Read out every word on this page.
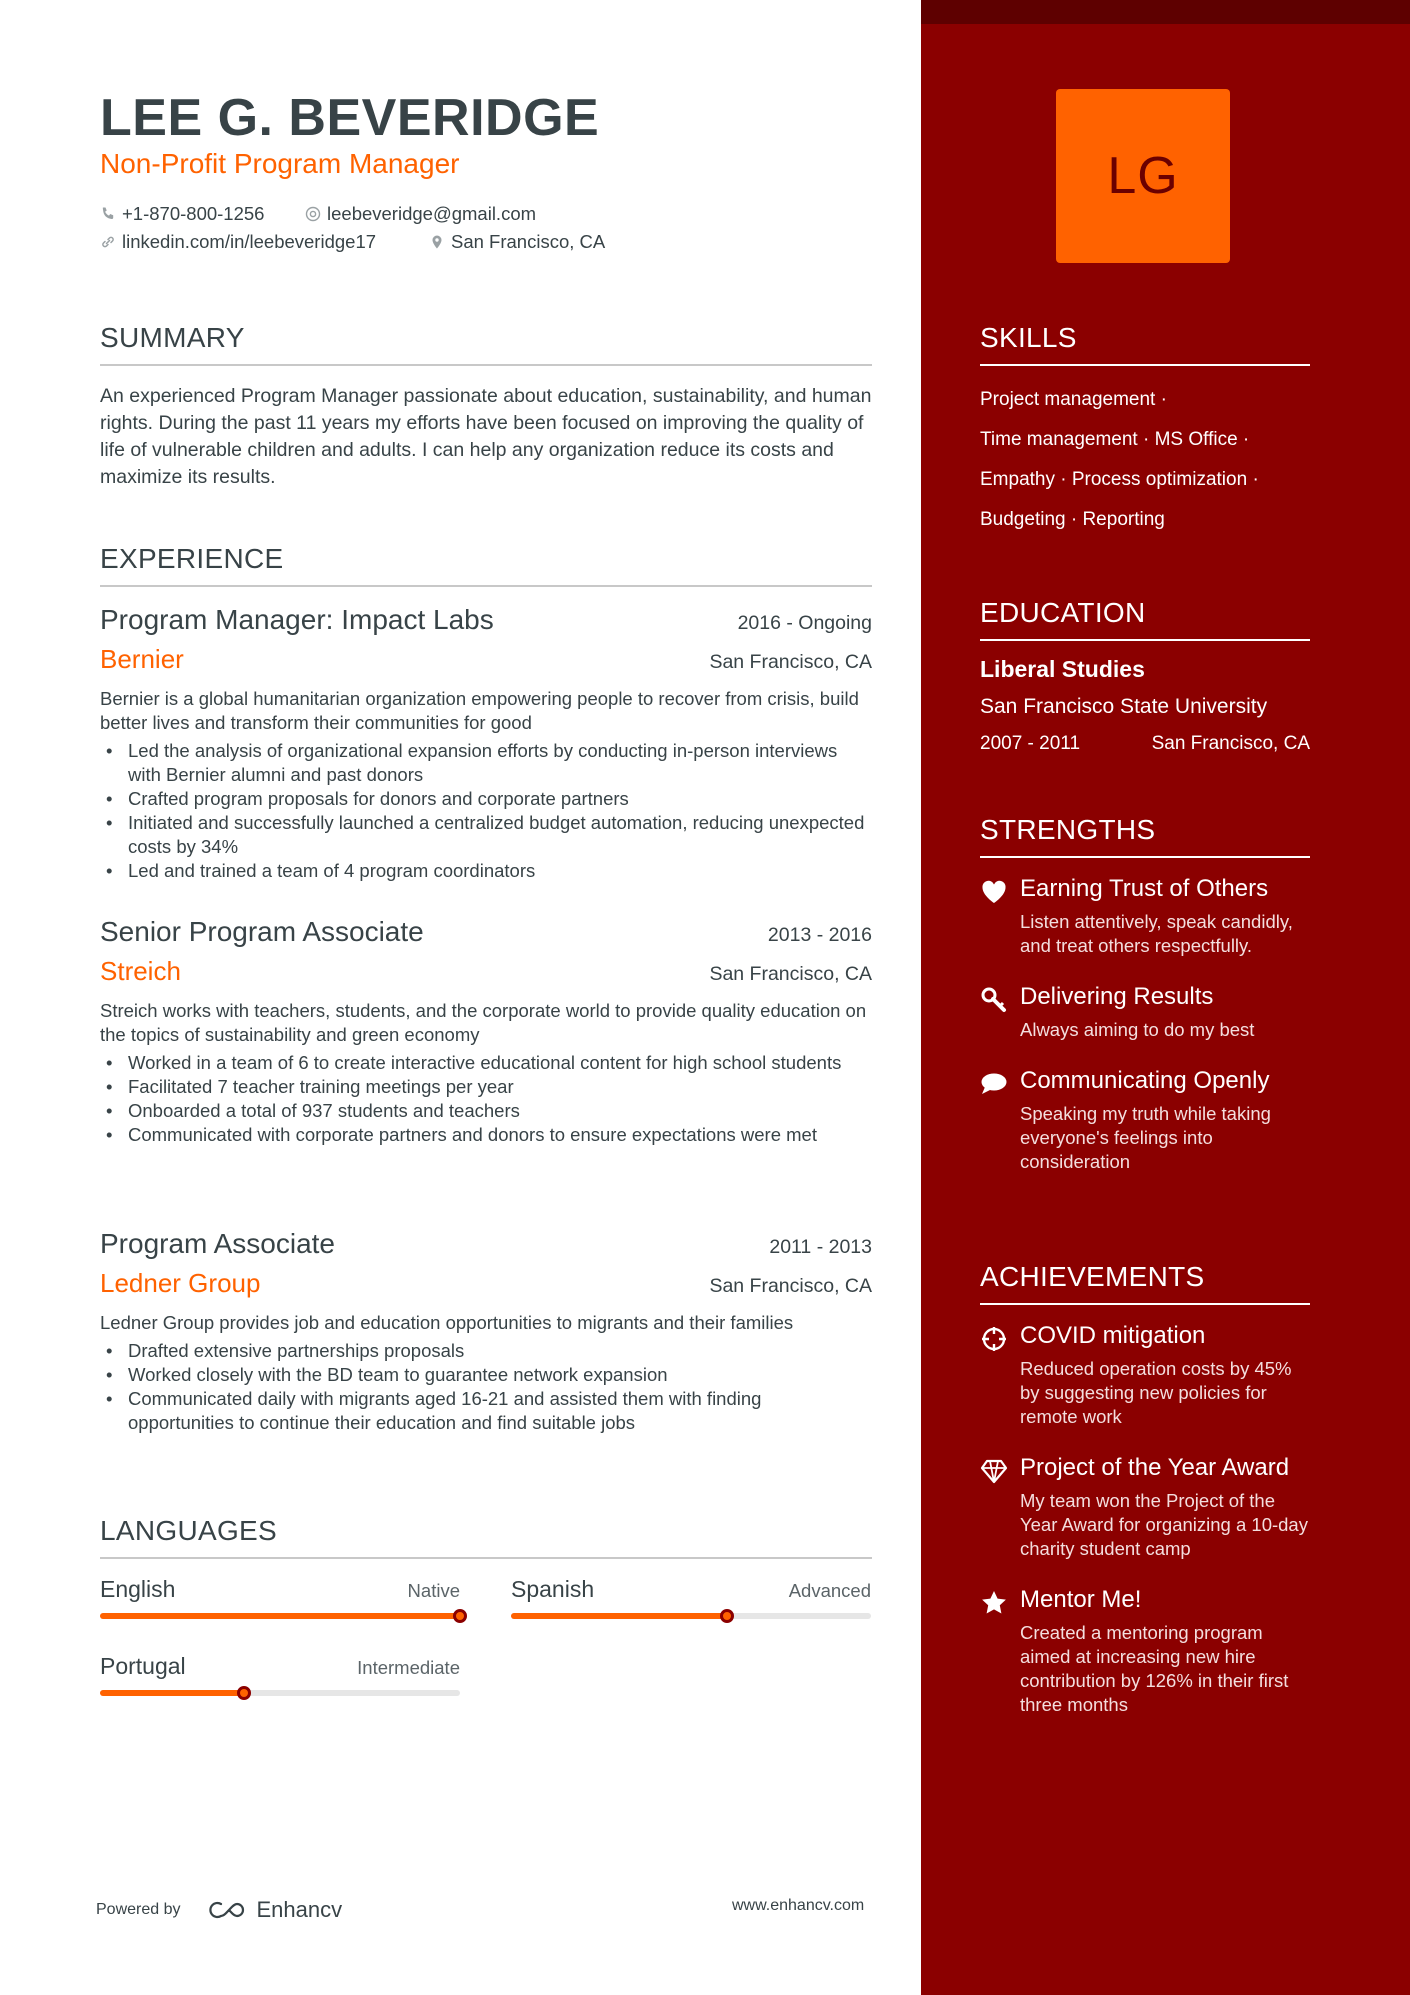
LEE G. BEVERIDGE
Non-Profit Program Manager
+1-870-800-1256	leebeveridge@gmail.com
linkedin.com/in/leebeveridge17	San Francisco, CA
SUMMARY
An experienced Program Manager passionate about education, sustainability, and human rights. During the past 11 years my efforts have been focused on improving the quality of life of vulnerable children and adults. I can help any organization reduce its costs and maximize its results.
EXPERIENCE
Program Manager: Impact Labs	2016 - Ongoing
Bernier	San Francisco, CA
Bernier is a global humanitarian organization empowering people to recover from crisis, build better lives and transform their communities for good
• Led the analysis of organizational expansion efforts by conducting in-person interviews with Bernier alumni and past donors
• Crafted program proposals for donors and corporate partners
• Initiated and successfully launched a centralized budget automation, reducing unexpected costs by 34%
• Led and trained a team of 4 program coordinators
Senior Program Associate	2013 - 2016
Streich	San Francisco, CA
Streich works with teachers, students, and the corporate world to provide quality education on the topics of sustainability and green economy
• Worked in a team of 6 to create interactive educational content for high school students
• Facilitated 7 teacher training meetings per year
• Onboarded a total of 937 students and teachers
• Communicated with corporate partners and donors to ensure expectations were met
Program Associate	2011 - 2013
Ledner Group	San Francisco, CA
Ledner Group provides job and education opportunities to migrants and their families
• Drafted extensive partnerships proposals
• Worked closely with the BD team to guarantee network expansion
• Communicated daily with migrants aged 16-21 and assisted them with finding opportunities to continue their education and find suitable jobs
LANGUAGES
English	Native Spanish	Advanced
Portugal	Intermediate
Powered by	Enhancv	www.enhancv.com
LG
SKILLS
Project management ·
Time management · MS Office ·
Empathy · Process optimization ·
Budgeting · Reporting
EDUCATION
Liberal Studies
San Francisco State University
2007 - 2011	San Francisco, CA
STRENGTHS
Earning Trust of Others
Listen attentively, speak candidly, and treat others respectfully.
Delivering Results
Always aiming to do my best
Communicating Openly
Speaking my truth while taking everyone's feelings into consideration
ACHIEVEMENTS
COVID mitigation
Reduced operation costs by 45% by suggesting new policies for remote work
Project of the Year Award
My team won the Project of the Year Award for organizing a 10-day charity student camp
Mentor Me!
Created a mentoring program aimed at increasing new hire contribution by 126% in their first three months
